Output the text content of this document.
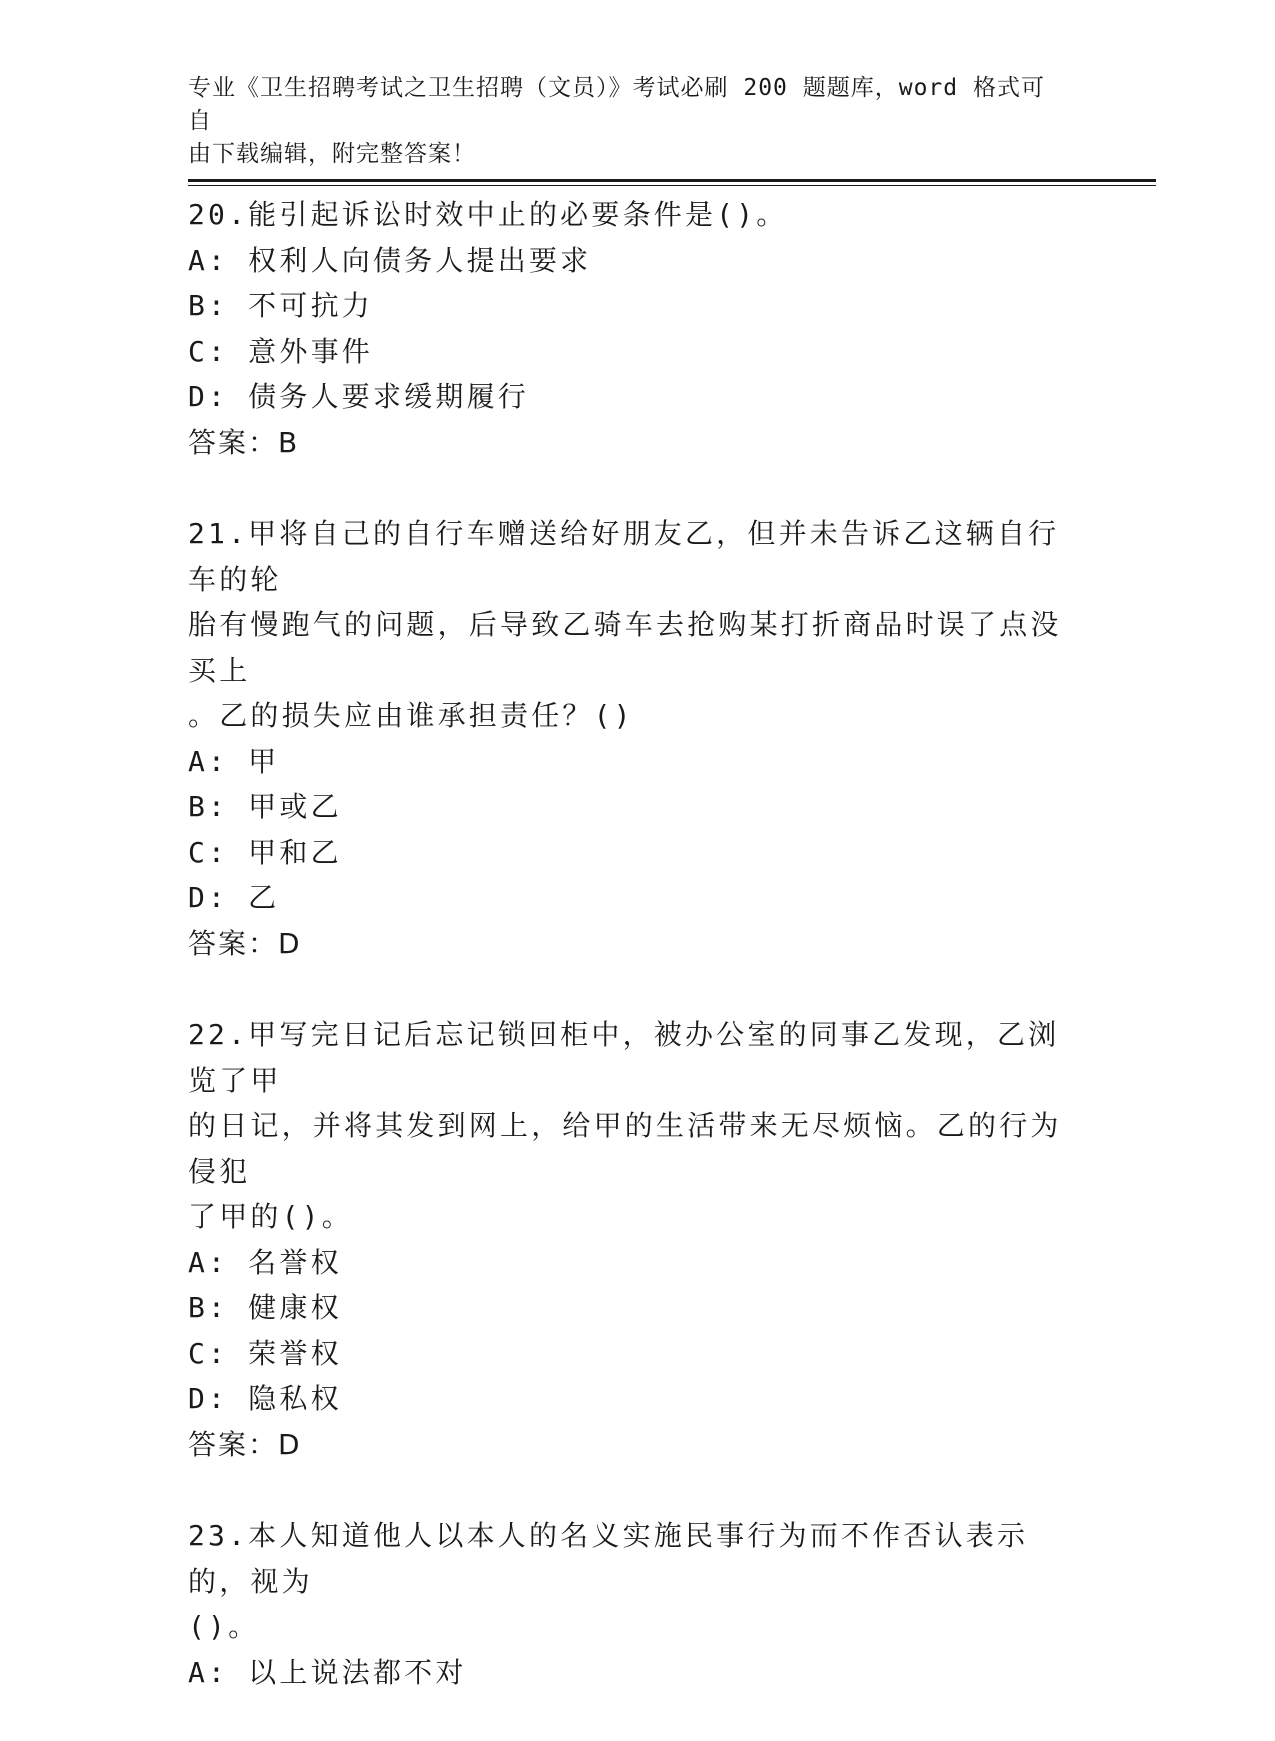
专业《卫生招聘考试之卫生招聘（文员）》考试必刷 200 题题库，word 格式可自
由下载编辑，附完整答案！
20.能引起诉讼时效中止的必要条件是()。
A: 权利人向债务人提出要求
B: 不可抗力
C: 意外事件
D: 债务人要求缓期履行
答案：B
21.甲将自己的自行车赠送给好朋友乙，但并未告诉乙这辆自行车的轮
胎有慢跑气的问题，后导致乙骑车去抢购某打折商品时误了点没买上
。乙的损失应由谁承担责任？()
A: 甲
B: 甲或乙
C: 甲和乙
D: 乙
答案：D
22.甲写完日记后忘记锁回柜中，被办公室的同事乙发现，乙浏览了甲
的日记，并将其发到网上，给甲的生活带来无尽烦恼。乙的行为侵犯
了甲的()。
A: 名誉权
B: 健康权
C: 荣誉权
D: 隐私权
答案：D
23.本人知道他人以本人的名义实施民事行为而不作否认表示的，视为
()。
A: 以上说法都不对
